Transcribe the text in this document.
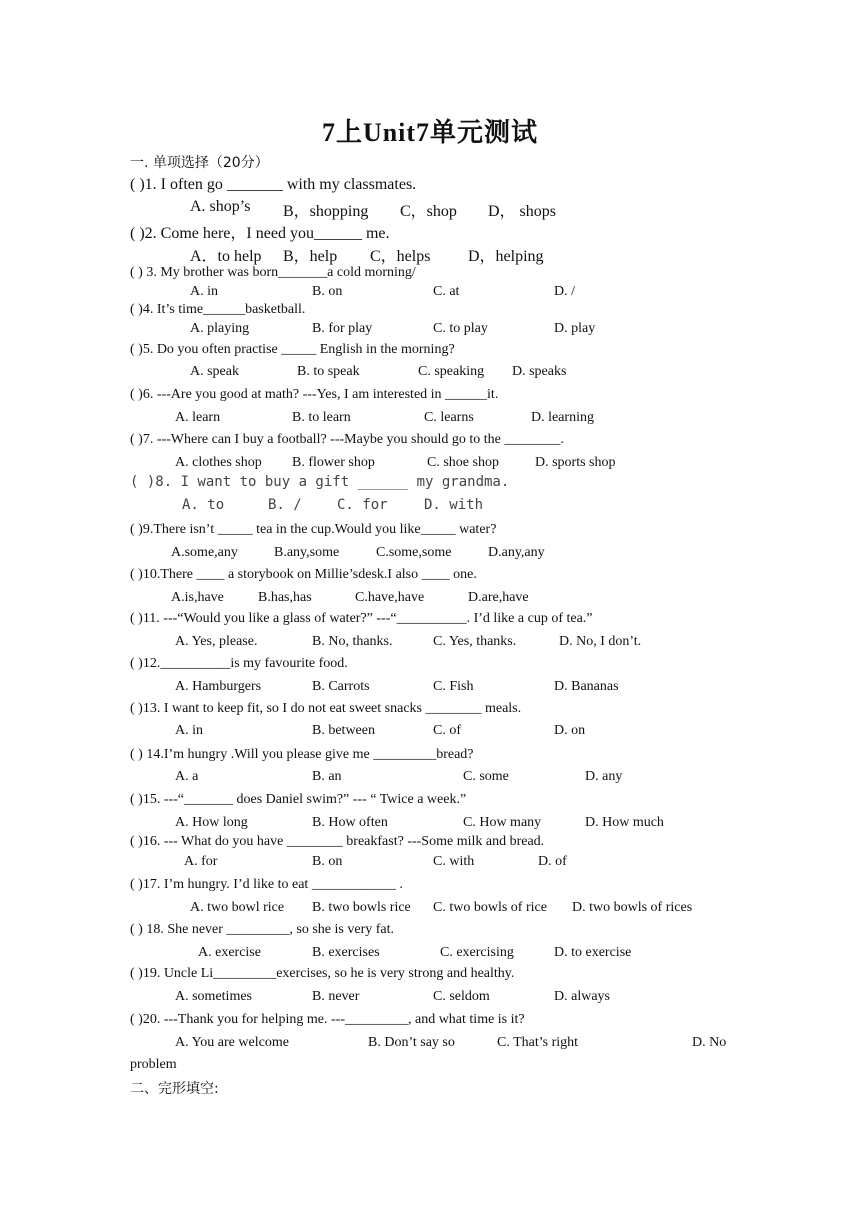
7上Unit7单元测试
一. 单项选择（20分）
( )1. I often go _______ with my classmates.
A. shop’s B，shopping C，shop D， shops
( )2. Come here，I need you______ me.
A．to help B，help C，helps D，helping
( ) 3. My brother was born_______a cold morning/
A. in	B. on	C. at	D. /
( )4. It’s time______basketball.
A. playing	B. for play	C. to play	D. play
( )5. Do you often practise _____ English in the morning?
A. speak	B. to speak	C. speaking D. speaks
( )6. ---Are you good at math? ---Yes, I am interested in ______it.
A. learn	B. to learn	C. learns	D. learning
( )7. ---Where can I buy a football? ---Maybe you should go to the ________.
A. clothes shop B. flower shop	C. shoe shop	D. sports shop
( )8. I want to buy a gift ______ my grandma.
A. to	B. /	C. for	D. with
( )9.There isn’t _____ tea in the cup.Would you like_____ water?
A.some,any	B.any,some	C.some,some	D.any,any
( )10.There ____ a storybook on Millie’sdesk.I also ____ one.
A.is,have B.has,has	C.have,have	D.are,have
( )11. ---“Would you like a glass of water?” ---“__________. I’d like a cup of tea.”
A. Yes, please.	B. No, thanks.	C. Yes, thanks.	D. No, I don’t.
( )12.__________is my favourite food.
A. Hamburgers	B. Carrots	C. Fish	D. Bananas
( )13. I want to keep fit, so I do not eat sweet snacks ________ meals.
A. in	B. between	C. of	D. on
( ) 14.I’m hungry .Will you please give me _________bread?
A. a	B. an	C. some	D. any
( )15. ---“_______ does Daniel swim?” --- “ Twice a week.”
A. How long	B. How often	C. How many	D. How much
( )16. --- What do you have ________ breakfast? ---Some milk and bread.
A. for	B. on	C. with	D. of
( )17. I’m hungry. I’d like to eat ____________ .
A. two bowl rice B. two bowls rice C. two bowls of rice D. two bowls of rices
( ) 18. She never _________, so she is very fat.
A. exercise	B. exercises	C. exercising	D. to exercise
( )19. Uncle Li_________exercises, so he is very strong and healthy.
A. sometimes	B. never	C. seldom	D. always
( )20. ---Thank you for helping me. ---_________, and what time is it?
A. You are welcome	B. Don’t say so	C. That’s right	D. No
problem
二、完形填空:
